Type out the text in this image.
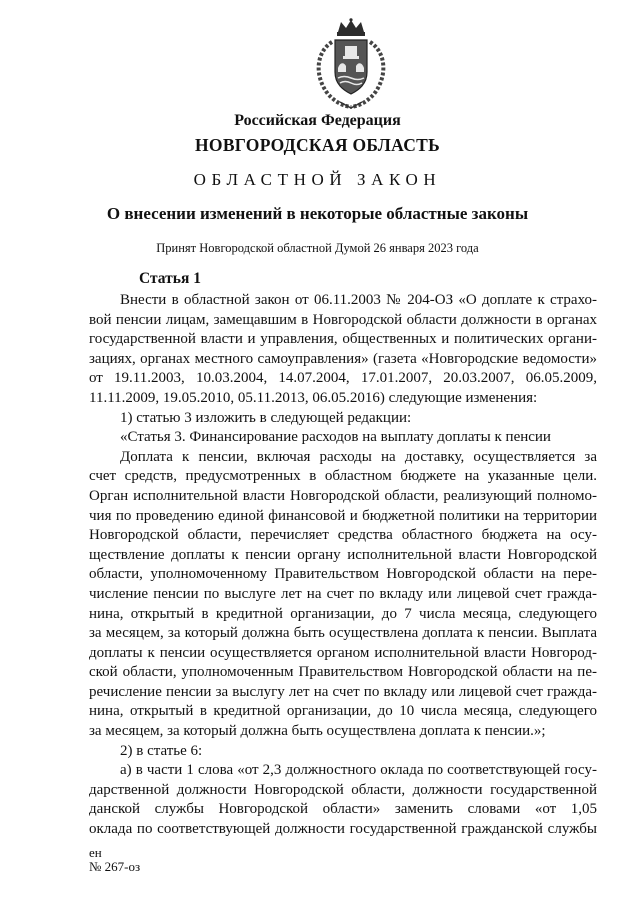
Российская Федерация
НОВГОРОДСКАЯ ОБЛАСТЬ
ОБЛАСТНОЙ ЗАКОН
О внесении изменений в некоторые областные законы
Принят Новгородской областной Думой 26 января 2023 года
Статья 1
Внести в областной закон от 06.11.2003 № 204-ОЗ «О доплате к страхо-
вой пенсии лицам, замещавшим в Новгородской области должности в органах
государственной власти и управления, общественных и политических органи-
зациях, органах местного самоуправления» (газета «Новгородские ведомости»
от 19.11.2003, 10.03.2004, 14.07.2004, 17.01.2007, 20.03.2007, 06.05.2009,
11.11.2009, 19.05.2010, 05.11.2013, 06.05.2016) следующие изменения:
1) статью 3 изложить в следующей редакции:
«Статья 3. Финансирование расходов на выплату доплаты к пенсии
Доплата к пенсии, включая расходы на доставку, осуществляется за
счет средств, предусмотренных в областном бюджете на указанные цели.
Орган исполнительной власти Новгородской области, реализующий полномо-
чия по проведению единой финансовой и бюджетной политики на территории
Новгородской области, перечисляет средства областного бюджета на осу-
ществление доплаты к пенсии органу исполнительной власти Новгородской
области, уполномоченному Правительством Новгородской области на пере-
числение пенсии по выслуге лет на счет по вкладу или лицевой счет гражда-
нина, открытый в кредитной организации, до 7 числа месяца, следующего
за месяцем, за который должна быть осуществлена доплата к пенсии. Выплата
доплаты к пенсии осуществляется органом исполнительной власти Новгород-
ской области, уполномоченным Правительством Новгородской области на пе-
речисление пенсии за выслугу лет на счет по вкладу или лицевой счет гражда-
нина, открытый в кредитной организации, до 10 числа месяца, следующего
за месяцем, за который должна быть осуществлена доплата к пенсии.»;
2) в статье 6:
а) в части 1 слова «от 2,3 должностного оклада по соответствующей госу-
дарственной должности Новгородской области, должности государственной
данской службы Новгородской области» заменить словами «от 1,05
оклада по соответствующей должности государственной гражданской службы
ен
№ 267-оз
